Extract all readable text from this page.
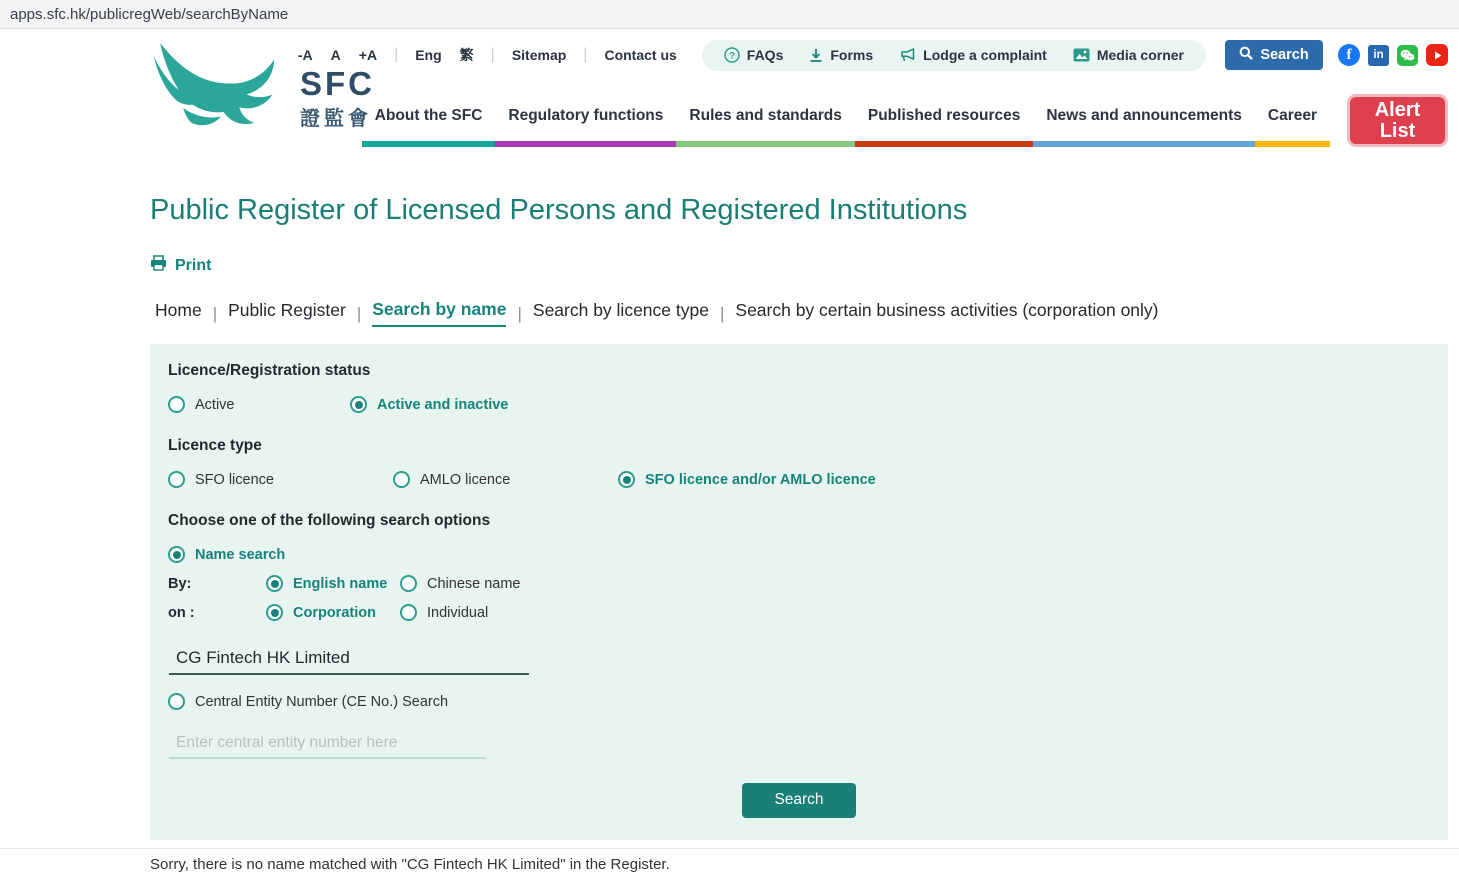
apps.sfc.hk/publicregWeb/searchByName
SFC
證監會
-A A +A | Eng 繁 | Sitemap | Contact us	? FAQs	Forms	Lodge a complaint	Media corner	Search	f in
About the SFC	Regulatory functions	Rules and standards	Published resources	News and announcements	Career	Alert List
Public Register of Licensed Persons and Registered Institutions
Print
Home | Public Register | Search by name | Search by licence type | Search by certain business activities (corporation only)
Licence/Registration status
Active	Active and inactive
Licence type
SFO licence	AMLO licence	SFO licence and/or AMLO licence
Choose one of the following search options
Name search
By:	English name	Chinese name
on :	Corporation	Individual
CG Fintech HK Limited
Central Entity Number (CE No.) Search
Enter central entity number here
Search
Sorry, there is no name matched with "CG Fintech HK Limited" in the Register.
